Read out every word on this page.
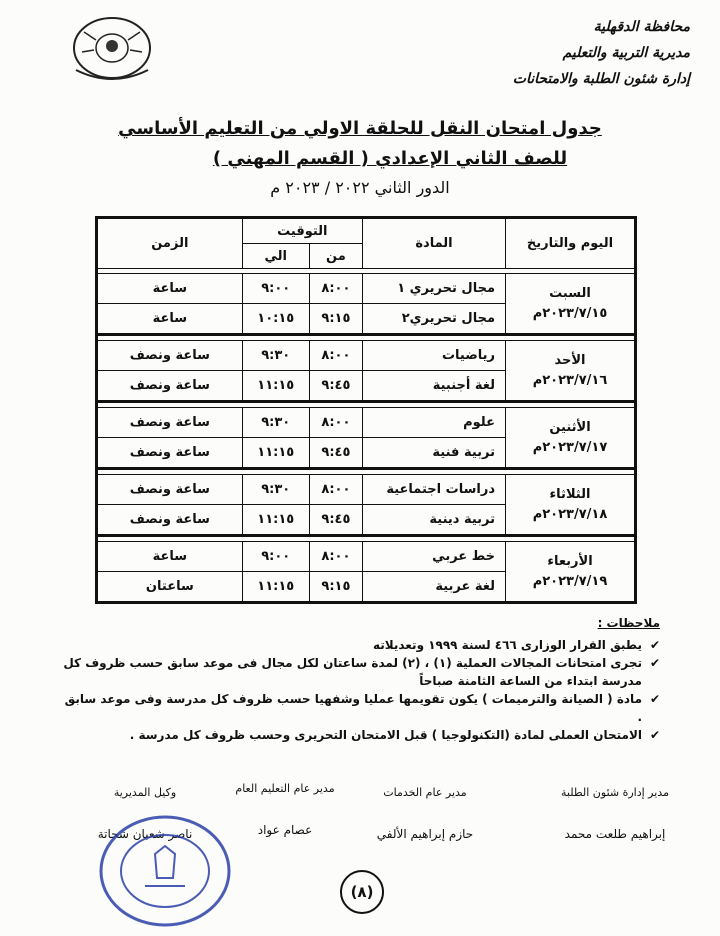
محافظة الدقهلية
مديرية التربية والتعليم
إدارة شئون الطلبة والامتحانات
جدول امتحان النقل للحلقة الاولي من التعليم الأساسي
للصف الثاني الإعدادي ( القسم المهني )
الدور الثاني ٢٠٢٢ / ٢٠٢٣ م
اليوم والتاريخ	المادة	التوقيت		الزمن
		من	الي	

السبت
٢٠٢٣/٧/١٥م	مجال تحريري ١	٨:٠٠	٩:٠٠	ساعة
	مجال تحريري٢	٩:١٥	١٠:١٥	ساعة

الأحد
٢٠٢٣/٧/١٦م	رياضيات	٨:٠٠	٩:٣٠	ساعة ونصف
	لغة أجنبية	٩:٤٥	١١:١٥	ساعة ونصف

الأثنين
٢٠٢٣/٧/١٧م	علوم	٨:٠٠	٩:٣٠	ساعة ونصف
	تربية فنية	٩:٤٥	١١:١٥	ساعة ونصف

الثلاثاء
٢٠٢٣/٧/١٨م	دراسات اجتماعية	٨:٠٠	٩:٣٠	ساعة ونصف
	تربية دينية	٩:٤٥	١١:١٥	ساعة ونصف

الأربعاء
٢٠٢٣/٧/١٩م	خط عربي	٨:٠٠	٩:٠٠	ساعة
	لغة عربية	٩:١٥	١١:١٥	ساعتان
ملاحظات :
✔
يطبق القرار الوزارى ٤٦٦ لسنة ١٩٩٩ وتعديلاته
✔
تجرى امتحانات المجالات العملية (١) ، (٢) لمدة ساعتان لكل مجال فى موعد سابق حسب ظروف كل مدرسة ابتداء من الساعة الثامنة صباحاً
✔
مادة ( الصيانة والترميمات ) يكون تقويمها عمليا وشفهيا حسب ظروف كل مدرسة وفى موعد سابق .
✔
الامتحان العملى لمادة (التكنولوجيا ) قبل الامتحان التحريرى وحسب ظروف كل مدرسة .
مدير إدارة شئون الطلبة
إبراهيم طلعت محمد
مدير عام الخدمات
حازم إبراهيم الألفي
مدير عام التعليم العام
عصام عواد
وكيل المديرية
ناصر شعبان شحاتة
(٨)
